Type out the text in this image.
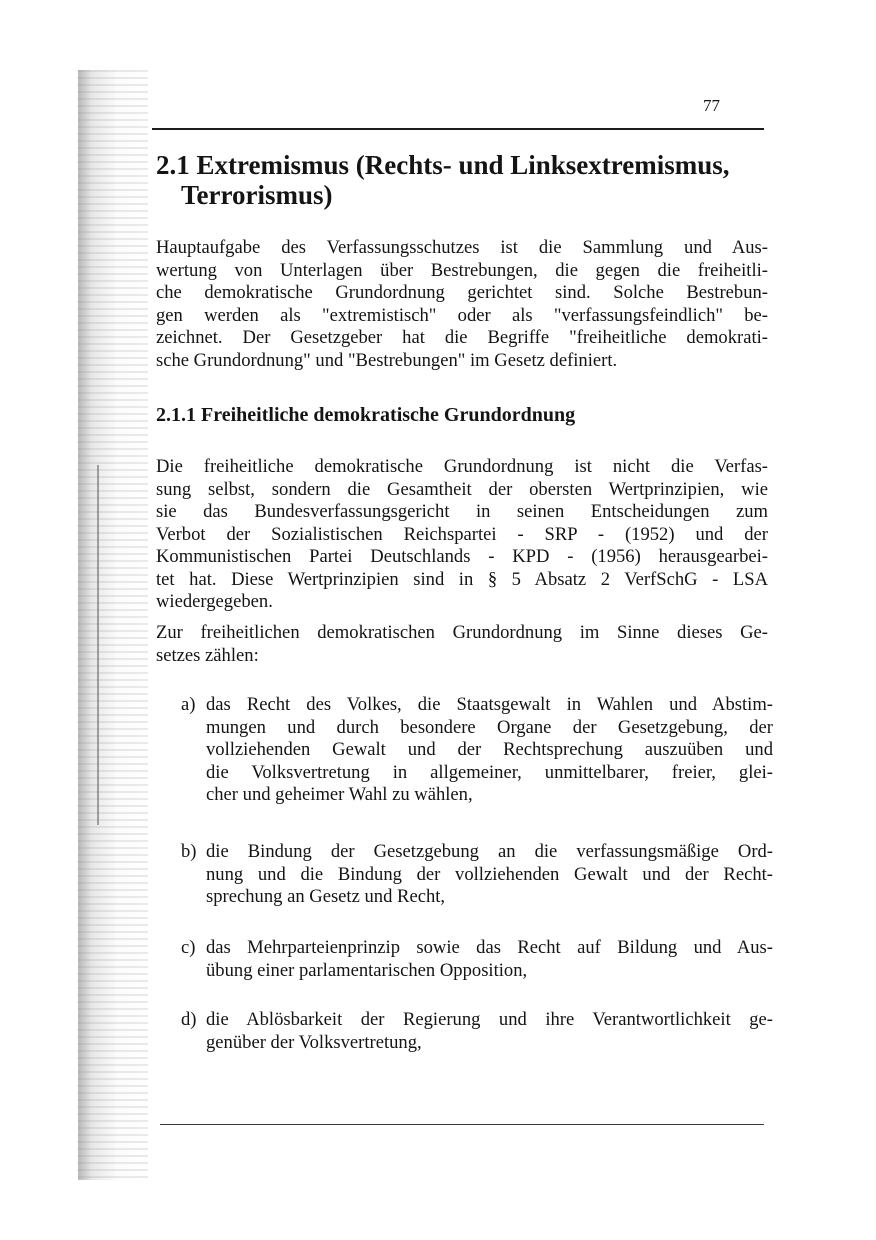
77
2.1 Extremismus (Rechts- und Linksextremismus,
Terrorismus)
Hauptaufgabe des Verfassungsschutzes ist die Sammlung und Aus-
wertung von Unterlagen über Bestrebungen, die gegen die freiheitli-
che demokratische Grundordnung gerichtet sind. Solche Bestrebun-
gen werden als "extremistisch" oder als "verfassungsfeindlich" be-
zeichnet. Der Gesetzgeber hat die Begriffe "freiheitliche demokrati-
sche Grundordnung" und "Bestrebungen" im Gesetz definiert.
2.1.1 Freiheitliche demokratische Grundordnung
Die freiheitliche demokratische Grundordnung ist nicht die Verfas-
sung selbst, sondern die Gesamtheit der obersten Wertprinzipien, wie
sie das Bundesverfassungsgericht in seinen Entscheidungen zum
Verbot der Sozialistischen Reichspartei - SRP - (1952) und der
Kommunistischen Partei Deutschlands - KPD - (1956) herausgearbei-
tet hat. Diese Wertprinzipien sind in § 5 Absatz 2 VerfSchG - LSA
wiedergegeben.
Zur freiheitlichen demokratischen Grundordnung im Sinne dieses Ge-
setzes zählen:
a) das Recht des Volkes, die Staatsgewalt in Wahlen und Abstim-
mungen und durch besondere Organe der Gesetzgebung, der
vollziehenden Gewalt und der Rechtsprechung auszuüben und
die Volksvertretung in allgemeiner, unmittelbarer, freier, glei-
cher und geheimer Wahl zu wählen,
b) die Bindung der Gesetzgebung an die verfassungsmäßige Ord-
nung und die Bindung der vollziehenden Gewalt und der Recht-
sprechung an Gesetz und Recht,
c) das Mehrparteienprinzip sowie das Recht auf Bildung und Aus-
übung einer parlamentarischen Opposition,
d) die Ablösbarkeit der Regierung und ihre Verantwortlichkeit ge-
genüber der Volksvertretung,
